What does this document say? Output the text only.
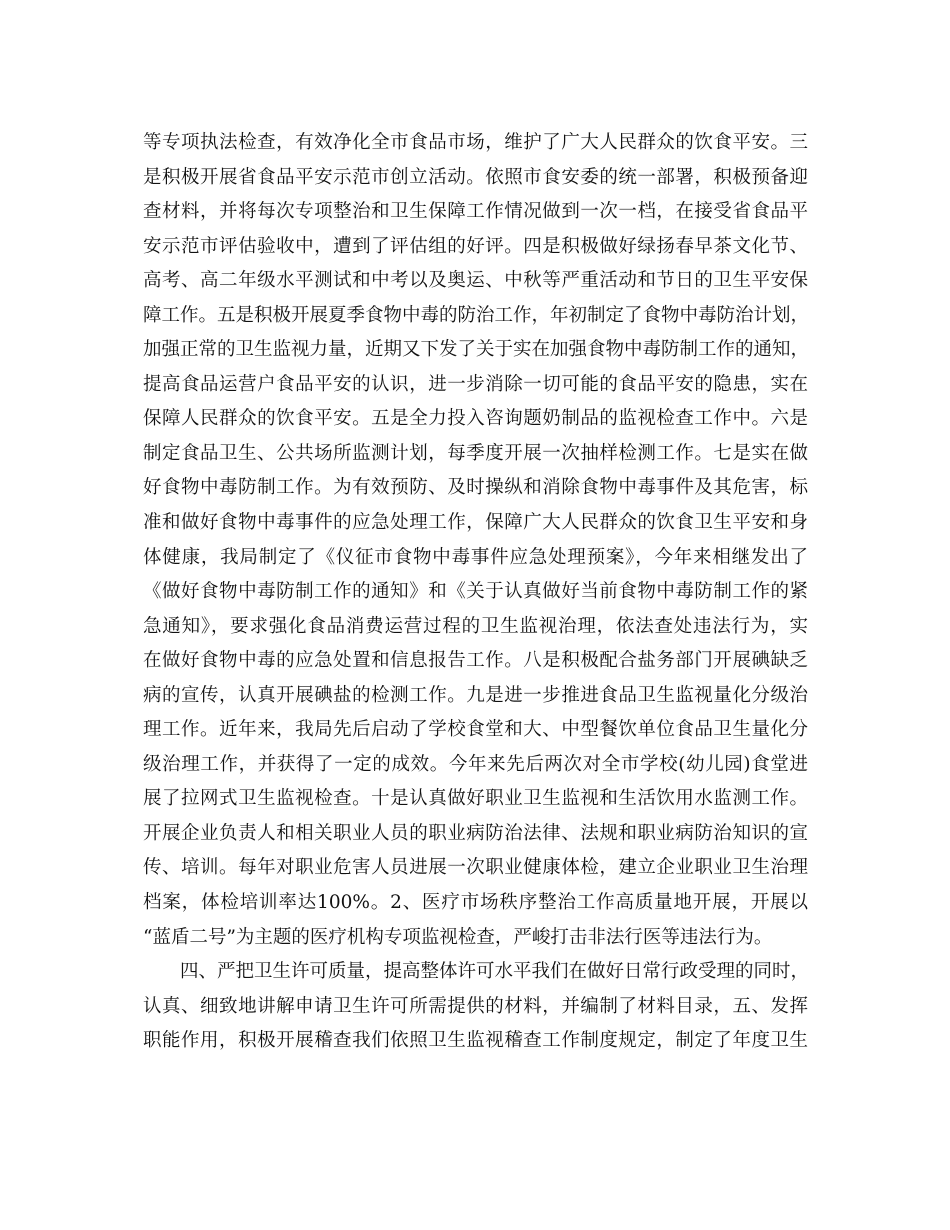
等专项执法检查，有效净化全市食品市场，维护了广大人民群众的饮食平安。三
是积极开展省食品平安示范市创立活动。依照市食安委的统一部署，积极预备迎
查材料，并将每次专项整治和卫生保障工作情况做到一次一档，在接受省食品平
安示范市评估验收中，遭到了评估组的好评。四是积极做好绿扬春早茶文化节、
高考、高二年级水平测试和中考以及奥运、中秋等严重活动和节日的卫生平安保
障工作。五是积极开展夏季食物中毒的防治工作，年初制定了食物中毒防治计划，
加强正常的卫生监视力量，近期又下发了关于实在加强食物中毒防制工作的通知，
提高食品运营户食品平安的认识，进一步消除一切可能的食品平安的隐患，实在
保障人民群众的饮食平安。五是全力投入咨询题奶制品的监视检查工作中。六是
制定食品卫生、公共场所监测计划，每季度开展一次抽样检测工作。七是实在做
好食物中毒防制工作。为有效预防、及时操纵和消除食物中毒事件及其危害，标
准和做好食物中毒事件的应急处理工作，保障广大人民群众的饮食卫生平安和身
体健康，我局制定了《仪征市食物中毒事件应急处理预案》，今年来相继发出了
《做好食物中毒防制工作的通知》和《关于认真做好当前食物中毒防制工作的紧
急通知》，要求强化食品消费运营过程的卫生监视治理，依法查处违法行为，实
在做好食物中毒的应急处置和信息报告工作。八是积极配合盐务部门开展碘缺乏
病的宣传，认真开展碘盐的检测工作。九是进一步推进食品卫生监视量化分级治
理工作。近年来，我局先后启动了学校食堂和大、中型餐饮单位食品卫生量化分
级治理工作，并获得了一定的成效。今年来先后两次对全市学校(幼儿园)食堂进
展了拉网式卫生监视检查。十是认真做好职业卫生监视和生活饮用水监测工作。
开展企业负责人和相关职业人员的职业病防治法律、法规和职业病防治知识的宣
传、培训。每年对职业危害人员进展一次职业健康体检，建立企业职业卫生治理
档案，体检培训率达100%。2、医疗市场秩序整治工作高质量地开展，开展以
“蓝盾二号”为主题的医疗机构专项监视检查，严峻打击非法行医等违法行为。
四、严把卫生许可质量，提高整体许可水平我们在做好日常行政受理的同时，
认真、细致地讲解申请卫生许可所需提供的材料，并编制了材料目录，五、发挥
职能作用，积极开展稽查我们依照卫生监视稽查工作制度规定，制定了年度卫生
